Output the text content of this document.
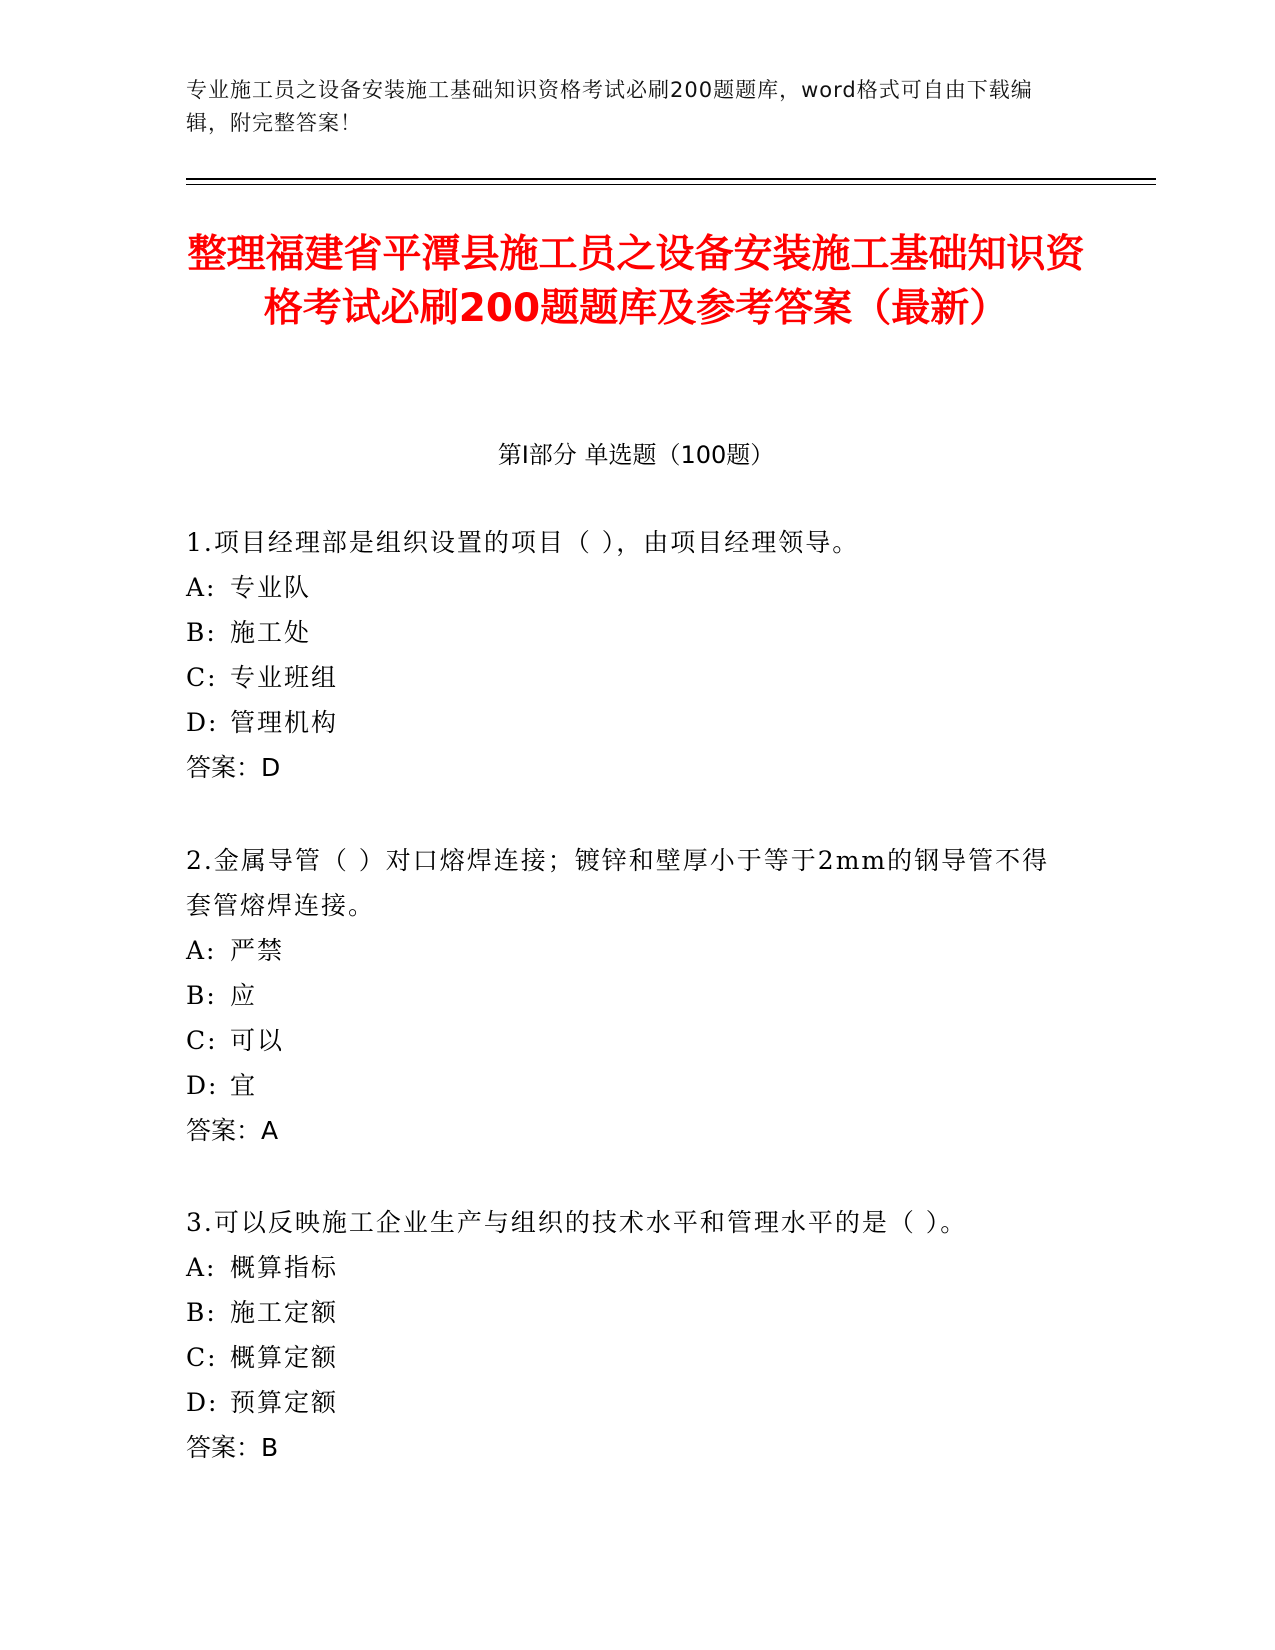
专业施工员之设备安装施工基础知识资格考试必刷200题题库，word格式可自由下载编辑，附完整答案！
整理福建省平潭县施工员之设备安装施工基础知识资格考试必刷200题题库及参考答案（最新）
第Ⅰ部分 单选题（100题）

1.项目经理部是组织设置的项目（ ），由项目经理领导。

A: 专业队

B: 施工处

C: 专业班组

D: 管理机构

答案：D

2.金属导管（ ）对口熔焊连接；镀锌和壁厚小于等于2mm的钢导管不得套管熔焊连接。

A: 严禁

B: 应

C: 可以

D: 宜

答案：A

3.可以反映施工企业生产与组织的技术水平和管理水平的是（ ）。

A: 概算指标

B: 施工定额

C: 概算定额

D: 预算定额

答案：B
